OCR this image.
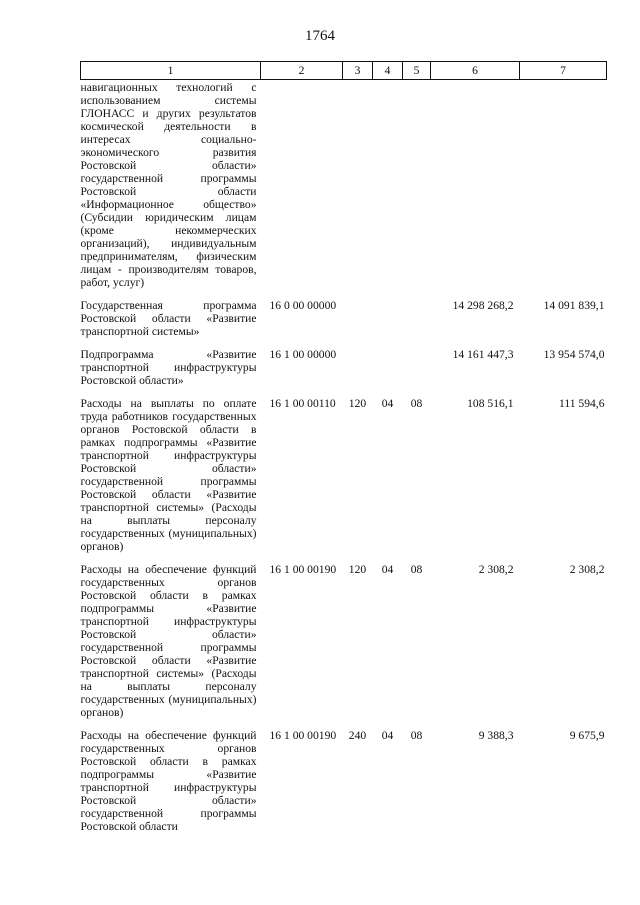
1764
1	2	3	4	5	6	7
навигационных технологий с использованием системы ГЛОНАСС и других результатов космической деятельности в интересах социально-экономического развития Ростовской области» государственной программы Ростовской области «Информационное общество» (Субсидии юридическим лицам (кроме некоммерческих организаций), индивидуальным предпринимателям, физическим лицам - производителям товаров, работ, услуг)						
Государственная программа Ростовской области «Развитие транспортной системы»	16 0 00 00000				14 298 268,2	14 091 839,1
Подпрограмма «Развитие транспортной инфраструктуры Ростовской области»	16 1 00 00000				14 161 447,3	13 954 574,0
Расходы на выплаты по оплате труда работников государственных органов Ростовской области в рамках подпрограммы «Развитие транспортной инфраструктуры Ростовской области» государственной программы Ростовской области «Развитие транспортной системы» (Расходы на выплаты персоналу государственных (муниципальных) органов)	16 1 00 00110	120	04	08	108 516,1	111 594,6
Расходы на обеспечение функций государственных органов Ростовской области в рамках подпрограммы «Развитие транспортной инфраструктуры Ростовской области» государственной программы Ростовской области «Развитие транспортной системы» (Расходы на выплаты персоналу государственных (муниципальных) органов)	16 1 00 00190	120	04	08	2 308,2	2 308,2
Расходы на обеспечение функций государственных органов Ростовской области в рамках подпрограммы «Развитие транспортной инфраструктуры Ростовской области» государственной программы Ростовской области	16 1 00 00190	240	04	08	9 388,3	9 675,9
